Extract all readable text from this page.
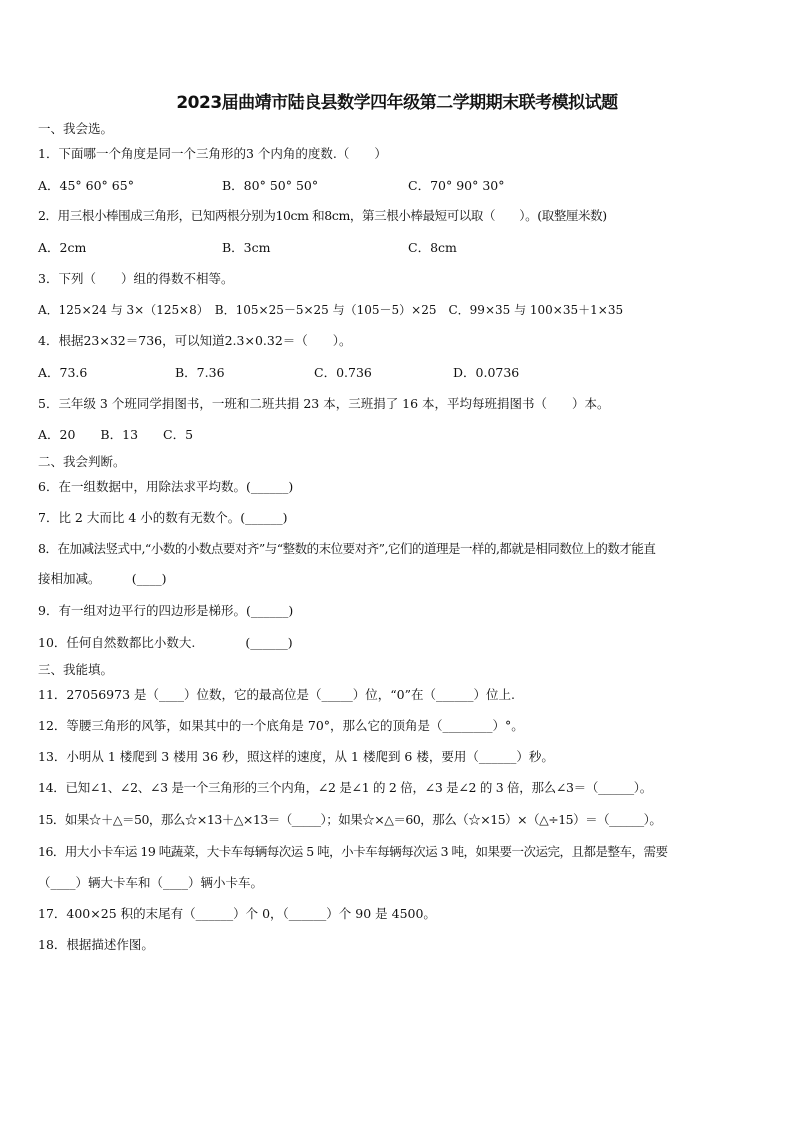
2023届曲靖市陆良县数学四年级第二学期期末联考模拟试题
一、我会选。
1．下面哪一个角度是同一个三角形的3 个内角的度数.（　　）
A．45° 60° 65°	B．80° 50° 50°	C．70° 90° 30°
2．用三根小棒围成三角形，已知两根分别为10cm 和8cm，第三根小棒最短可以取（　　）。(取整厘米数)
A．2cm	B．3cm	C．8cm
3．下列（　　）组的得数不相等。
A．125×24 与 3×（125×8）　B．105×25－5×25 与（105－5）×25　C．99×35 与 100×35＋1×35
4．根据23×32＝736，可以知道2.3×0.32＝（　　）。
A．73.6	B．7.36	C．0.736	D．0.0736
5．三年级 3 个班同学捐图书，一班和二班共捐 23 本，三班捐了 16 本，平均每班捐图书（　　）本。
A．20　　B．13　　C．5
二、我会判断。
6．在一组数据中，用除法求平均数。(______)
7．比 2 大而比 4 小的数有无数个。(______)
8．在加减法竖式中,“小数的小数点要对齐”与“整数的末位要对齐”,它们的道理是一样的,都就是相同数位上的数才能直
接相加减。　　　(____)
9．有一组对边平行的四边形是梯形。(______)
10．任何自然数都比小数大.　　　　(______)
三、我能填。
11．27056973 是（____）位数，它的最高位是（_____）位，“0”在（______）位上.
12．等腰三角形的风筝，如果其中的一个底角是 70°，那么它的顶角是（________）°。
13．小明从 1 楼爬到 3 楼用 36 秒，照这样的速度，从 1 楼爬到 6 楼，要用（______）秒。
14．已知∠1、∠2、∠3 是一个三角形的三个内角，∠2 是∠1 的 2 倍，∠3 是∠2 的 3 倍，那么∠3＝（______）。
15．如果☆＋△＝50，那么☆×13＋△×13＝（_____）；如果☆×△＝60，那么（☆×15）×（△÷15）＝（______）。
16．用大小卡车运 19 吨蔬菜，大卡车每辆每次运 5 吨，小卡车每辆每次运 3 吨，如果要一次运完，且都是整车，需要
（____）辆大卡车和（____）辆小卡车。
17．400×25 积的末尾有（______）个 0，（______）个 90 是 4500。
18．根据描述作图。
